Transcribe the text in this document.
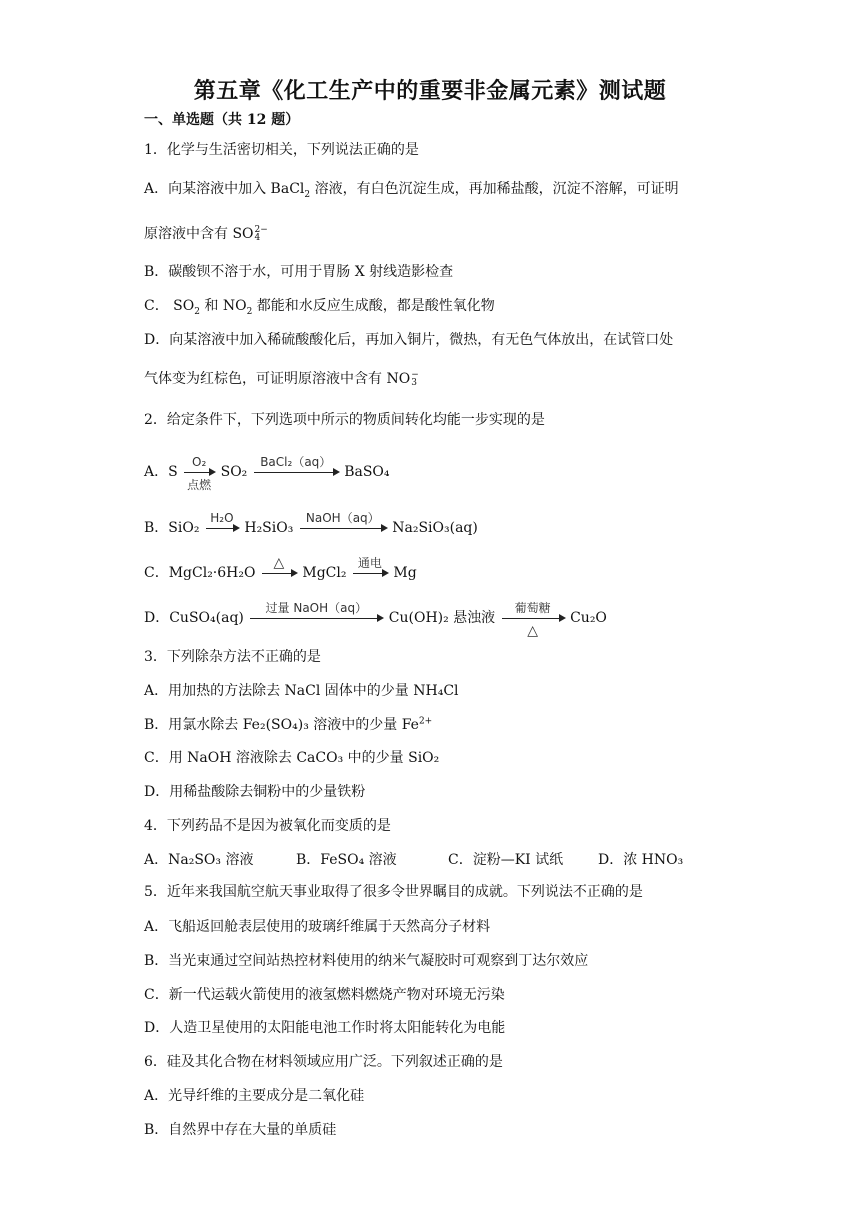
第五章《化工生产中的重要非金属元素》测试题
一、单选题（共 12 题）
1．化学与生活密切相关，下列说法正确的是
A．向某溶液中加入 BaCl$_2$ 溶液，有白色沉淀生成，再加稀盐酸，沉淀不溶解，可证明
原溶液中含有 SO 2−
4
B．碳酸钡不溶于水，可用于胃肠 X 射线造影检查
C． $SO_2$ 和 $NO_2$ 都能和水反应生成酸，都是酸性氧化物
D．向某溶液中加入稀硫酸酸化后，再加入铜片，微热，有无色气体放出，在试管口处
气体变为红棕色，可证明原溶液中含有 NO −
3
2．给定条件下，下列选项中所示的物质间转化均能一步实现的是
A．S
O₂
点燃
SO₂
BaCl₂（aq）
BaSO₄
B．SiO₂
H₂O
H₂SiO₃
NaOH（aq）
Na₂SiO₃(aq)
C．MgCl₂·6H₂O
△
MgCl₂
通电
Mg
D．CuSO₄(aq)
过量 NaOH（aq）
Cu(OH)₂ 悬浊液
葡萄糖
△
Cu₂O
3．下列除杂方法不正确的是
A．用加热的方法除去 NaCl 固体中的少量 NH₄Cl
B．用氯水除去 Fe₂(SO₄)₃ 溶液中的少量 $Fe^{2+}$
C．用 NaOH 溶液除去 CaCO₃ 中的少量 SiO₂
D．用稀盐酸除去铜粉中的少量铁粉
4．下列药品不是因为被氧化而变质的是
A．Na₂SO₃ 溶液	B．FeSO₄ 溶液	C．淀粉—KI 试纸 D．浓 HNO₃
5．近年来我国航空航天事业取得了很多令世界瞩目的成就。下列说法不正确的是
A．飞船返回舱表层使用的玻璃纤维属于天然高分子材料
B．当光束通过空间站热控材料使用的纳米气凝胶时可观察到丁达尔效应
C．新一代运载火箭使用的液氢燃料燃烧产物对环境无污染
D．人造卫星使用的太阳能电池工作时将太阳能转化为电能
6．硅及其化合物在材料领域应用广泛。下列叙述正确的是
A．光导纤维的主要成分是二氧化硅
B．自然界中存在大量的单质硅
